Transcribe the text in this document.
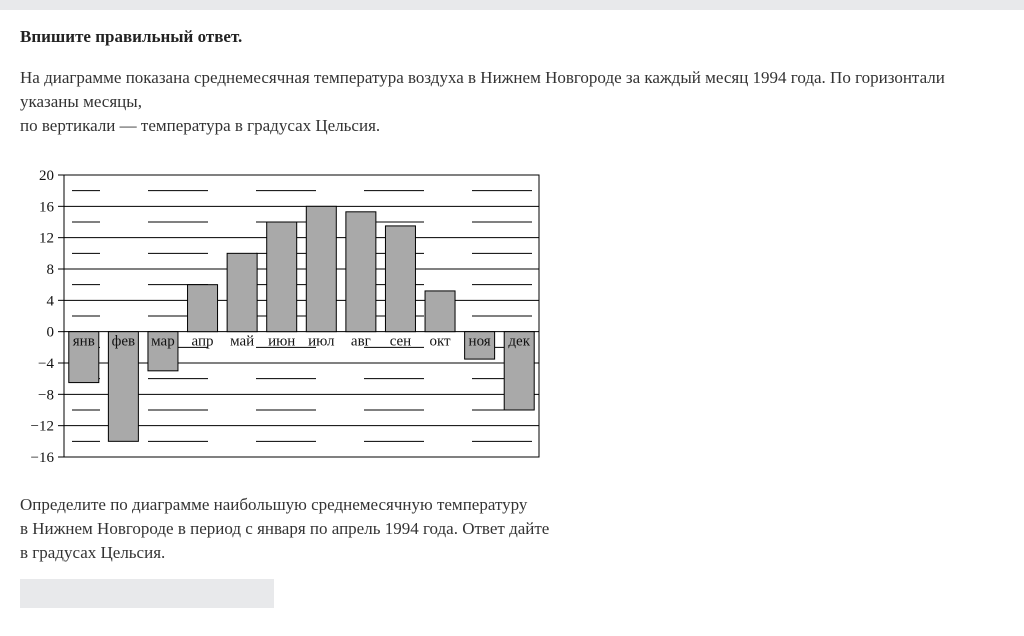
Впишите правильный ответ.
На диаграмме показана среднемесячная температура воздуха в Нижнем Новгороде за каждый месяц 1994 года. По горизонтали
указаны месяцы,
по вертикали — температура в градусах Цельсия.
янв фев мар апр май июн июл авг сен окт ноя дек
20
16
12
8
4
0
−4
−8
−12
−16
Определите по диаграмме наибольшую среднемесячную температуру
в Нижнем Новгороде в период с января по апрель 1994 года. Ответ дайте
в градусах Цельсия.
